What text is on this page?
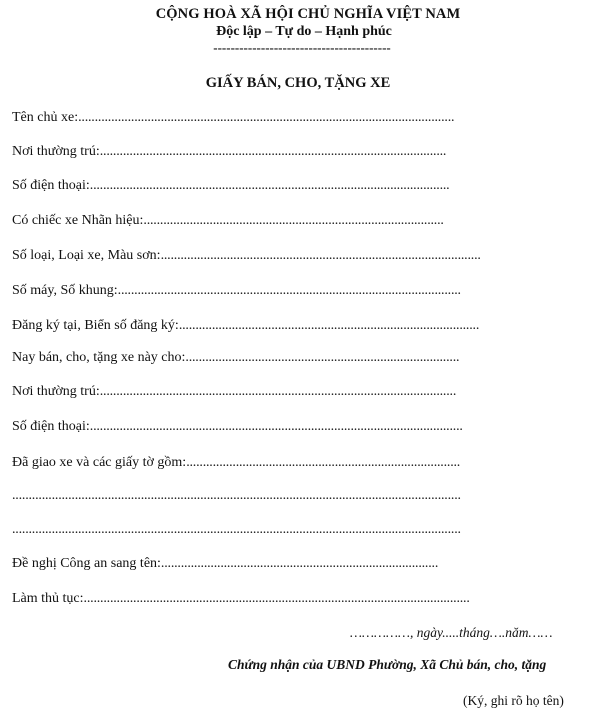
CỘNG HOÀ XÃ HỘI CHỦ NGHĨA VIỆT NAM
Độc lập – Tự do – Hạnh phúc
-----------------------------------------
GIẤY BÁN, CHO, TẶNG XE
Tên chủ xe:..................................................................................................................
Nơi thường trú:.........................................................................................................
Số điện thoại:.............................................................................................................
Có chiếc xe Nhãn hiệu:...........................................................................................
Số loại, Loại xe, Màu sơn:.................................................................................................
Số máy, Số khung:........................................................................................................
Đăng ký tại, Biển số đăng ký:...........................................................................................
Nay bán, cho, tặng xe này cho:...................................................................................
Nơi thường trú:............................................................................................................
Số điện thoại:.................................................................................................................
Đã giao xe và các giấy tờ gồm:...................................................................................
........................................................................................................................................
........................................................................................................................................
Đề nghị Công an sang tên:....................................................................................
Làm thủ tục:.....................................................................................................................
……………, ngày.....tháng….năm……
Chứng nhận của UBND Phường, Xã Chủ bán, cho, tặng
(Ký, ghi rõ họ tên)
